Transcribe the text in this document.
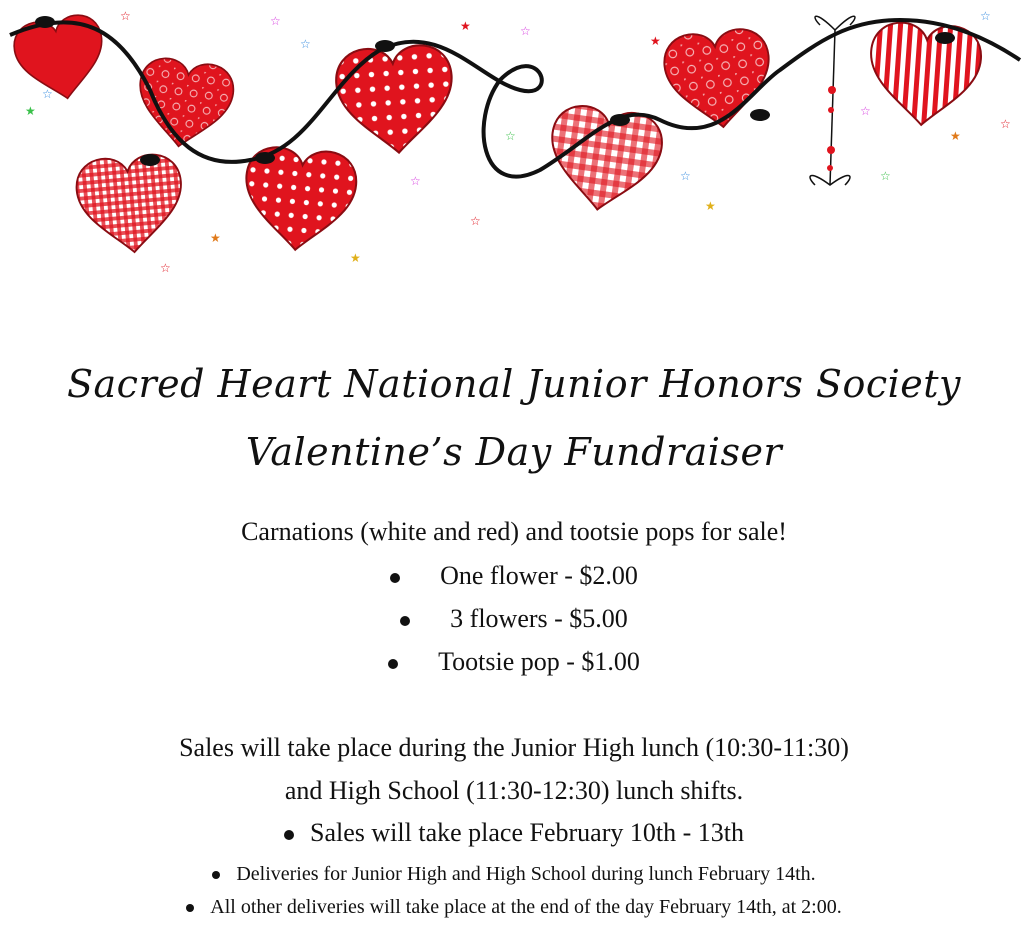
☆	☆
☆
★
★
☆
★
☆
☆
★
☆
★
☆
★
☆
☆
★
☆
☆
☆
☆
Sacred Heart National Junior Honors Society
Valentine’s Day Fundraiser
Carnations (white and red) and tootsie pops for sale!
One flower - $2.00
3 flowers - $5.00
Tootsie pop - $1.00
Sales will take place during the Junior High lunch (10:30-11:30)
and High School (11:30-12:30) lunch shifts.
Sales will take place February 10th - 13th
Deliveries for Junior High and High School during lunch February 14th.
All other deliveries will take place at the end of the day February 14th, at 2:00.
